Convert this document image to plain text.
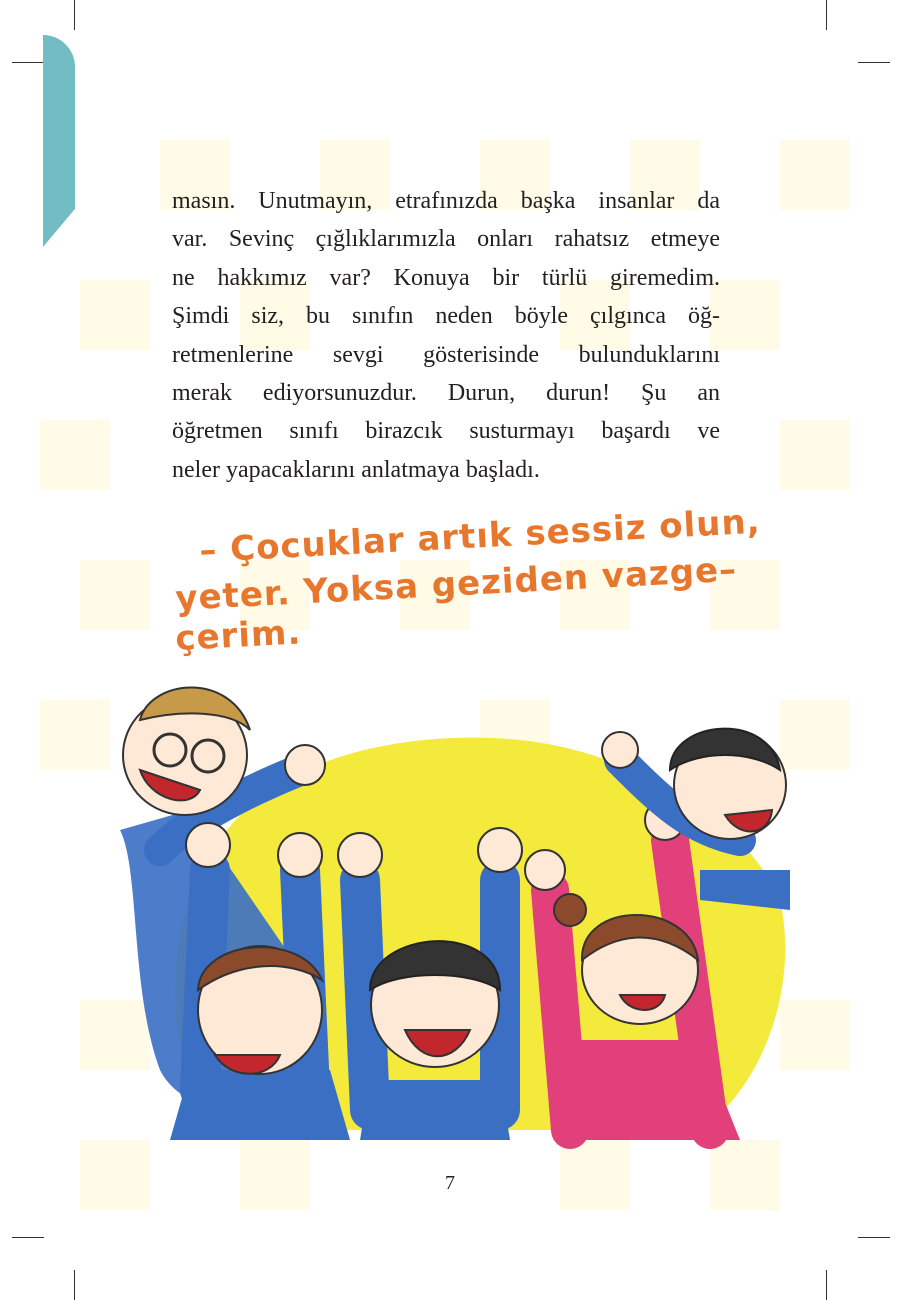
masın. Unutmayın, etrafınızda başka insanlar da
var. Sevinç çığlıklarımızla onları rahatsız etmeye
ne hakkımız var? Konuya bir türlü giremedim.
Şimdi siz, bu sınıfın neden böyle çılgınca öğ-
retmenlerine sevgi gösterisinde bulunduklarını
merak ediyorsunuzdur. Durun, durun! Şu an
öğretmen sınıfı birazcık susturmayı başardı ve
neler yapacaklarını anlatmaya başladı.
– Çocuklar artık sessiz olun,
yeter. Yoksa geziden vazge–
çerim.
7
